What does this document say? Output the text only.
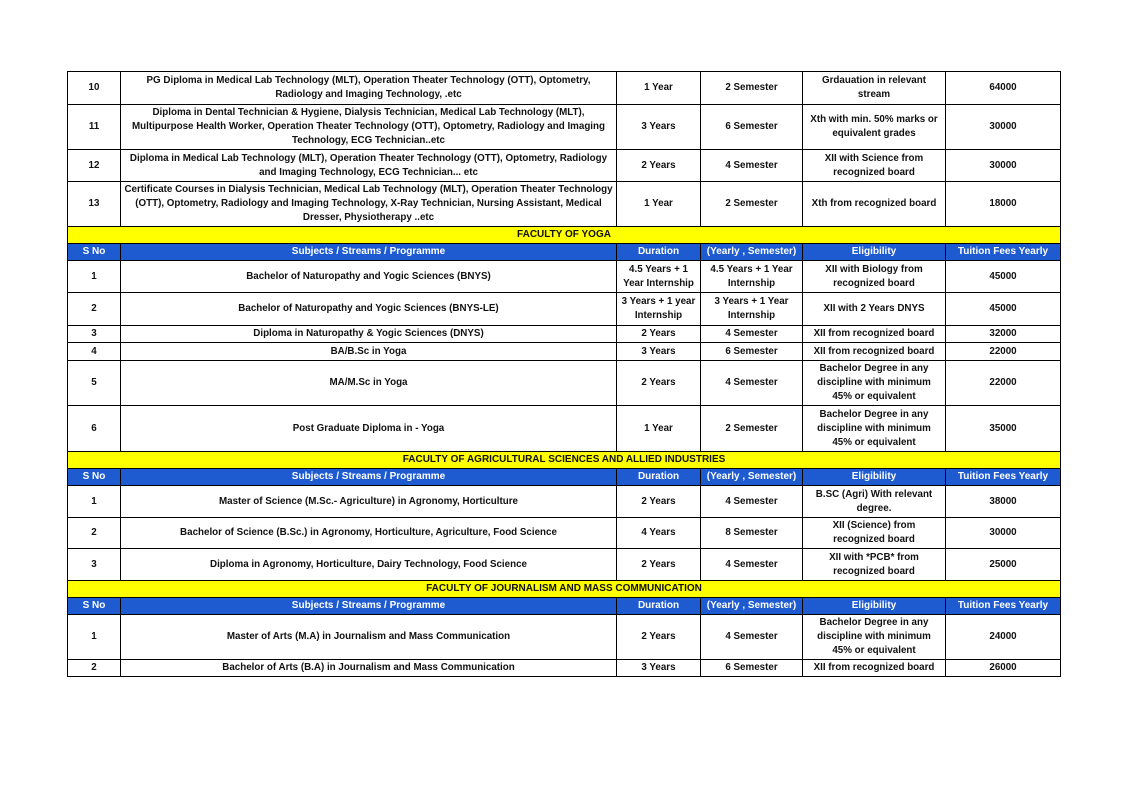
10	PG Diploma in Medical Lab Technology (MLT), Operation Theater Technology (OTT), Optometry, Radiology and Imaging Technology, .etc	1 Year	2 Semester	Grdauation in relevant stream	64000
11	Diploma in Dental Technician & Hygiene, Dialysis Technician, Medical Lab Technology (MLT), Multipurpose Health Worker, Operation Theater Technology (OTT), Optometry, Radiology and Imaging Technology, ECG Technician..etc	3 Years	6 Semester	Xth with min. 50% marks or equivalent grades	30000
12	Diploma in Medical Lab Technology (MLT), Operation Theater Technology (OTT), Optometry, Radiology and Imaging Technology, ECG Technician... etc	2 Years	4 Semester	XII with Science from recognized board	30000
13	Certificate Courses in Dialysis Technician, Medical Lab Technology (MLT), Operation Theater Technology (OTT), Optometry, Radiology and Imaging Technology, X-Ray Technician, Nursing Assistant, Medical Dresser, Physiotherapy ..etc	1 Year	2 Semester	Xth from recognized board	18000
FACULTY OF YOGA					
S No	Subjects / Streams / Programme	Duration	(Yearly , Semester)	Eligibility	Tuition Fees Yearly
1	Bachelor of Naturopathy and Yogic Sciences (BNYS)	4.5 Years + 1 Year Internship	4.5 Years + 1 Year Internship	XII with Biology from recognized board	45000
2	Bachelor of Naturopathy and Yogic Sciences (BNYS-LE)	3 Years + 1 year Internship	3 Years + 1 Year Internship	XII with 2 Years DNYS	45000
3	Diploma in Naturopathy & Yogic Sciences (DNYS)	2 Years	4 Semester	XII from recognized board	32000
4	BA/B.Sc in Yoga	3 Years	6 Semester	XII from recognized board	22000
5	MA/M.Sc in Yoga	2 Years	4 Semester	Bachelor Degree in any discipline with minimum 45% or equivalent	22000
6	Post Graduate Diploma in - Yoga	1 Year	2 Semester	Bachelor Degree in any discipline with minimum 45% or equivalent	35000
FACULTY OF AGRICULTURAL SCIENCES AND ALLIED INDUSTRIES					
S No	Subjects / Streams / Programme	Duration	(Yearly , Semester)	Eligibility	Tuition Fees Yearly
1	Master of Science (M.Sc.- Agriculture) in Agronomy, Horticulture	2 Years	4 Semester	B.SC (Agri) With relevant degree.	38000
2	Bachelor of Science (B.Sc.) in Agronomy, Horticulture, Agriculture, Food Science	4 Years	8 Semester	XII (Science) from recognized board	30000
3	Diploma in Agronomy, Horticulture, Dairy Technology, Food Science	2 Years	4 Semester	XII with *PCB* from recognized board	25000
FACULTY OF JOURNALISM AND MASS COMMUNICATION					
S No	Subjects / Streams / Programme	Duration	(Yearly , Semester)	Eligibility	Tuition Fees Yearly
1	Master of Arts (M.A) in Journalism and Mass Communication	2 Years	4 Semester	Bachelor Degree in any discipline with minimum 45% or equivalent	24000
2	Bachelor of Arts (B.A) in Journalism and Mass Communication	3 Years	6 Semester	XII from recognized board	26000
